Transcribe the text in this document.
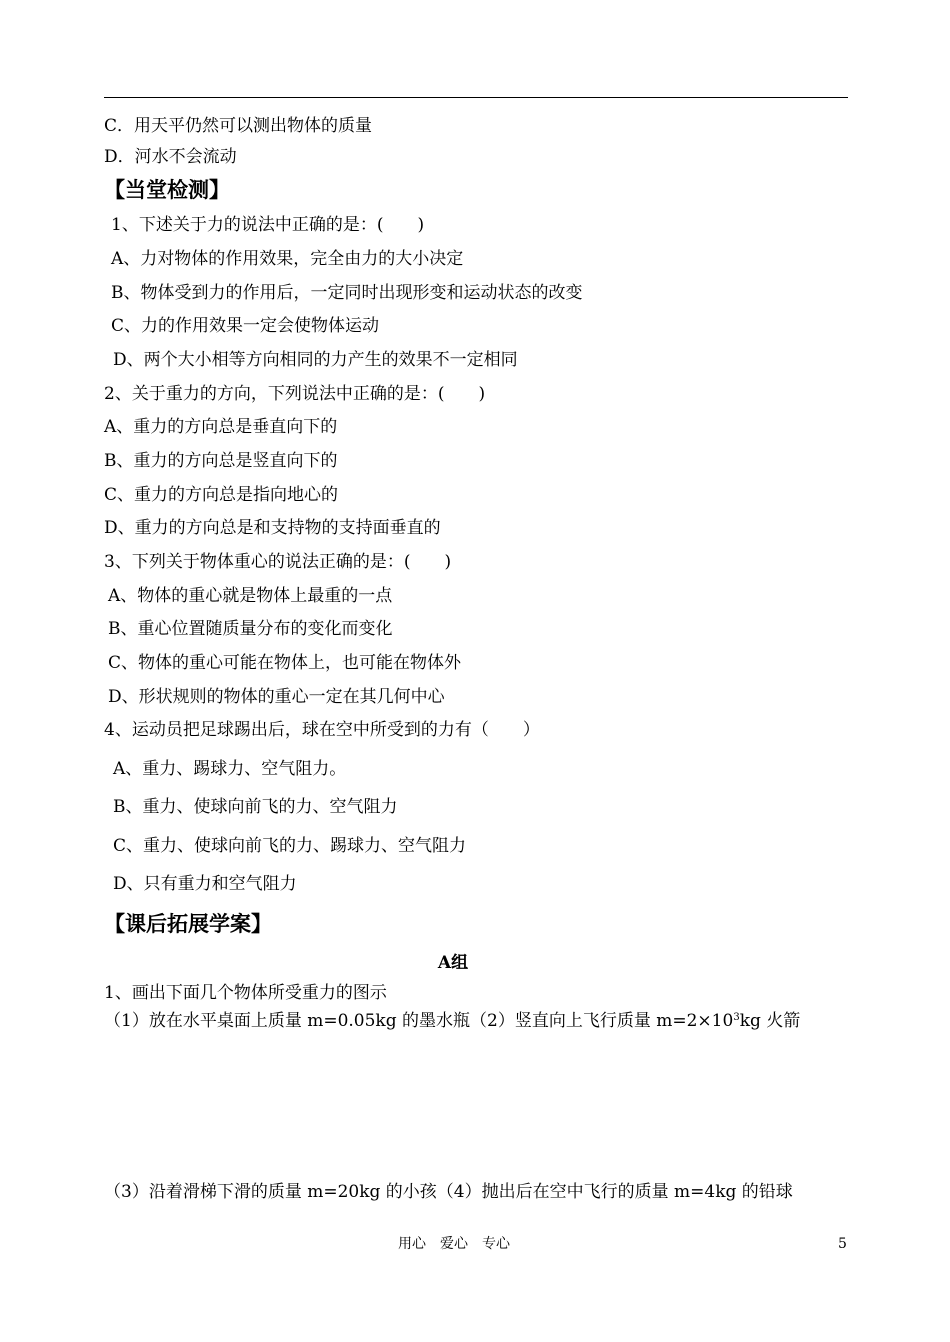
C．用天平仍然可以测出物体的质量
D．河水不会流动
【当堂检测】
1、下述关于力的说法中正确的是：(　　)
A、力对物体的作用效果，完全由力的大小决定
B、物体受到力的作用后，一定同时出现形变和运动状态的改变
C、力的作用效果一定会使物体运动
D、两个大小相等方向相同的力产生的效果不一定相同
2、关于重力的方向，下列说法中正确的是：(　　)
A、重力的方向总是垂直向下的
B、重力的方向总是竖直向下的
C、重力的方向总是指向地心的
D、重力的方向总是和支持物的支持面垂直的
3、下列关于物体重心的说法正确的是：(　　)
A、物体的重心就是物体上最重的一点
B、重心位置随质量分布的变化而变化
C、物体的重心可能在物体上，也可能在物体外
D、形状规则的物体的重心一定在其几何中心
4、运动员把足球踢出后，球在空中所受到的力有（　　）
A、重力、踢球力、空气阻力。
B、重力、使球向前飞的力、空气阻力
C、重力、使球向前飞的力、踢球力、空气阻力
D、只有重力和空气阻力
【课后拓展学案】
A组
1、画出下面几个物体所受重力的图示
（1）放在水平桌面上质量 m=0.05kg 的墨水瓶（2）竖直向上飞行质量 $m=2\times 10^3kg$ 火箭
（3）沿着滑梯下滑的质量 m=20kg 的小孩（4）抛出后在空中飞行的质量 m=4kg 的铅球
用心　爱心　专心	5
